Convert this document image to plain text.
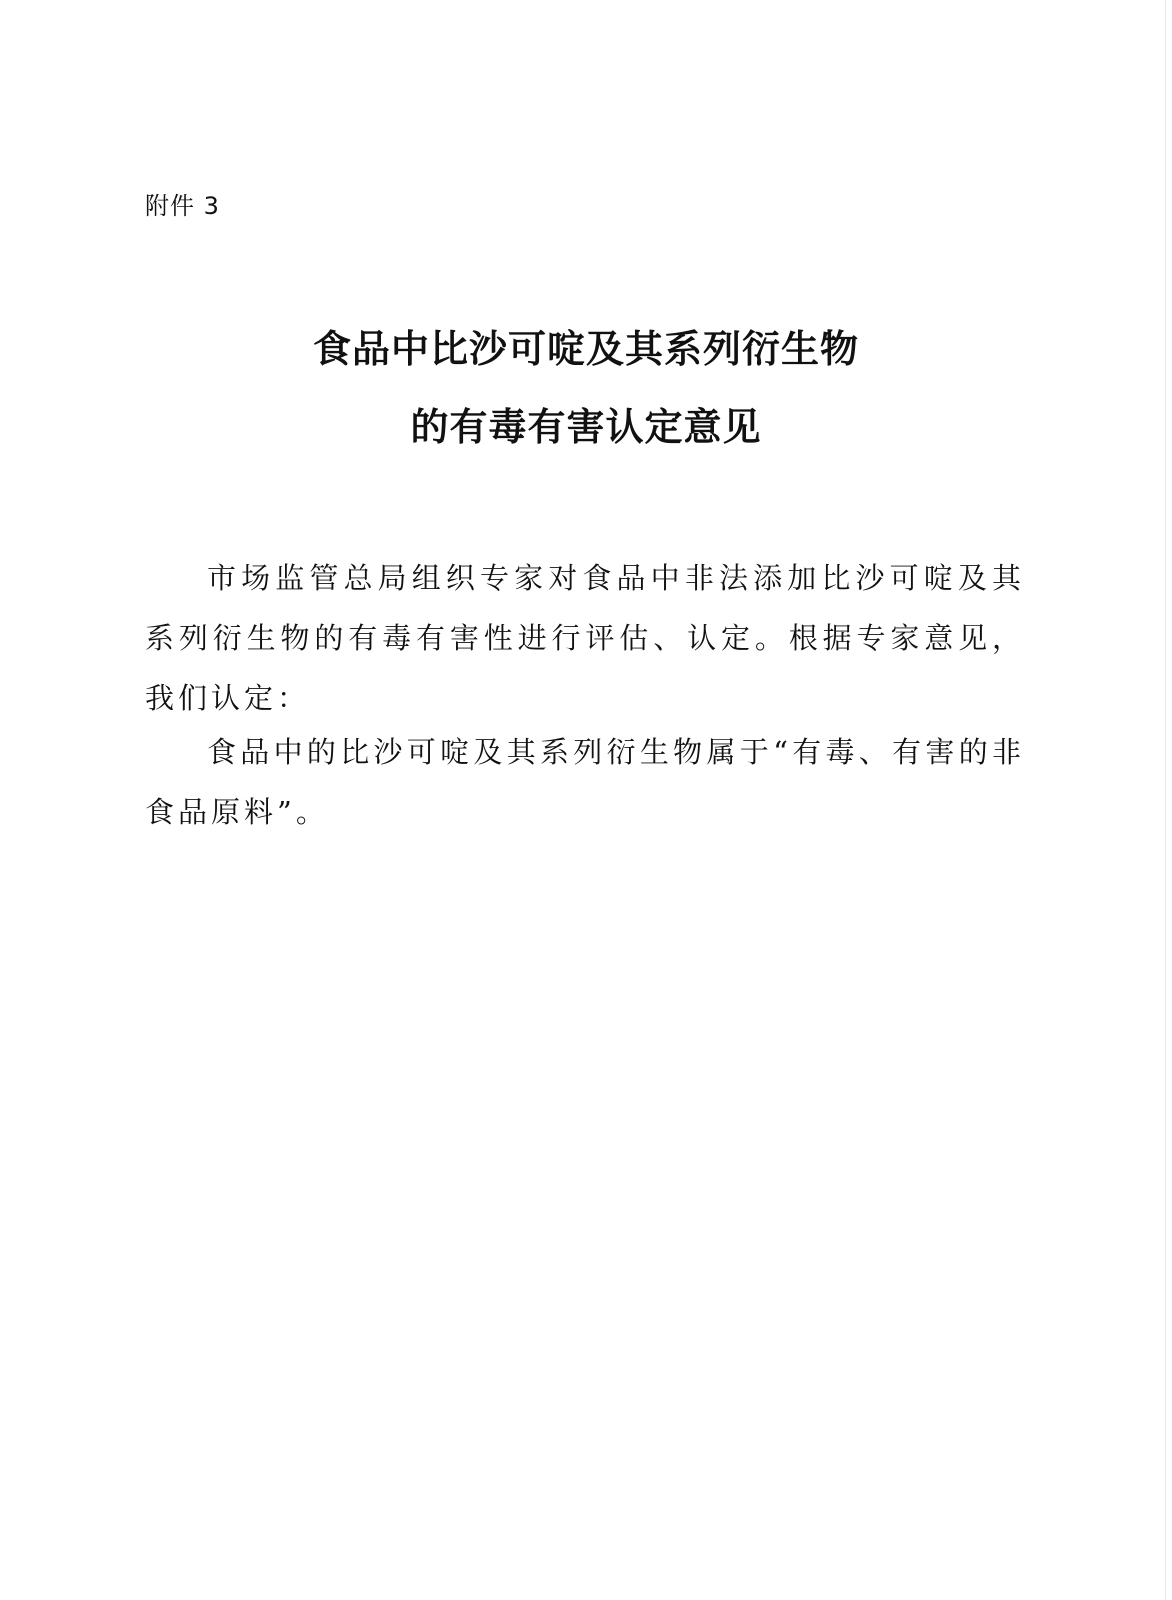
附件 3
食品中比沙可啶及其系列衍生物
的有毒有害认定意见

市场监管总局组织专家对食品中非法添加比沙可啶及其系列衍生物的有毒有害性进行评估、认定。根据专家意见，我们认定：

食品中的比沙可啶及其系列衍生物属于“有毒、有害的非食品原料”。
